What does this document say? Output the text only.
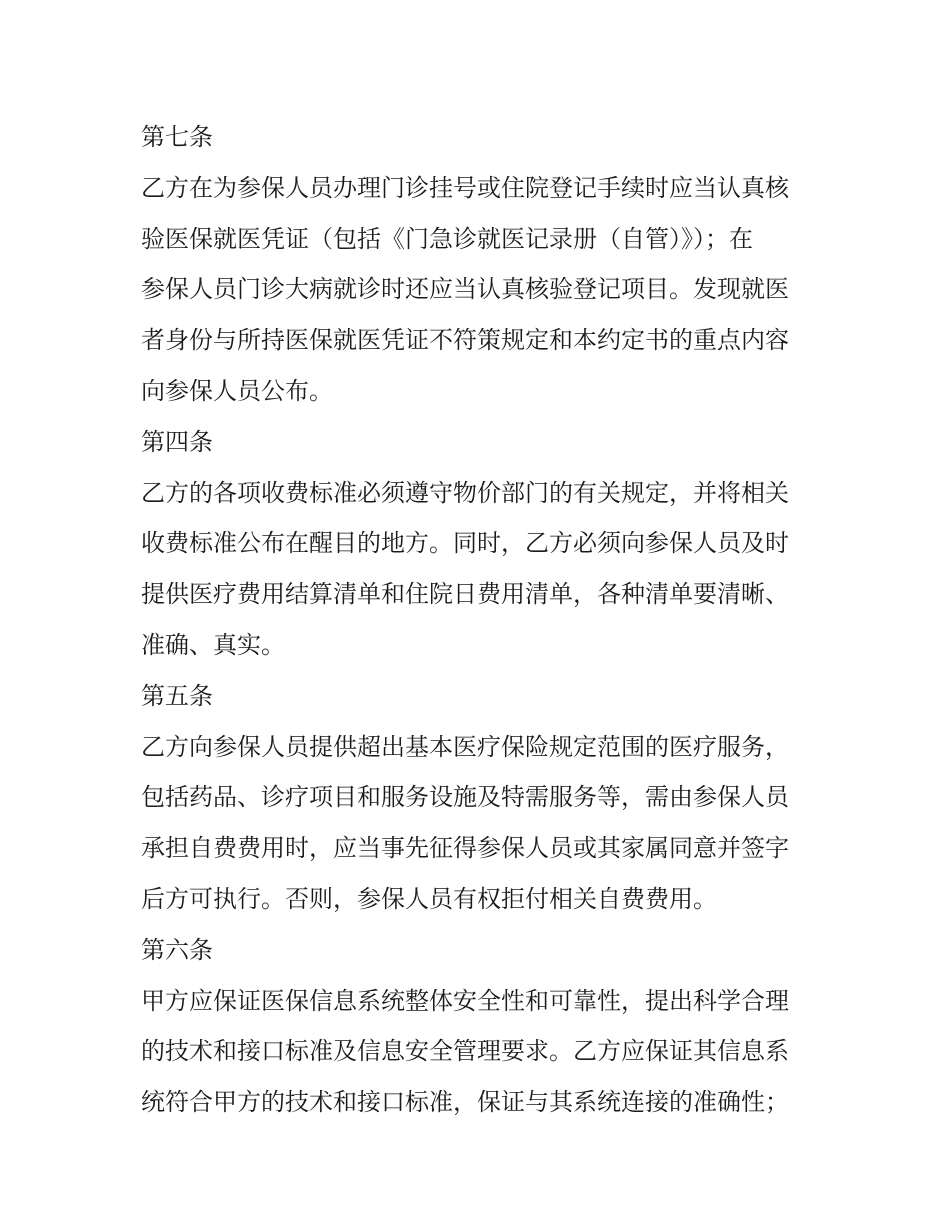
第七条
乙方在为参保人员办理门诊挂号或住院登记手续时应当认真核
验医保就医凭证（包括《门急诊就医记录册（自管）》）；在
参保人员门诊大病就诊时还应当认真核验登记项目。发现就医
者身份与所持医保就医凭证不符策规定和本约定书的重点内容
向参保人员公布。
第四条
乙方的各项收费标准必须遵守物价部门的有关规定，并将相关
收费标准公布在醒目的地方。同时，乙方必须向参保人员及时
提供医疗费用结算清单和住院日费用清单，各种清单要清晰、
准确、真实。
第五条
乙方向参保人员提供超出基本医疗保险规定范围的医疗服务，
包括药品、诊疗项目和服务设施及特需服务等，需由参保人员
承担自费费用时，应当事先征得参保人员或其家属同意并签字
后方可执行。否则，参保人员有权拒付相关自费费用。
第六条
甲方应保证医保信息系统整体安全性和可靠性，提出科学合理
的技术和接口标准及信息安全管理要求。乙方应保证其信息系
统符合甲方的技术和接口标准，保证与其系统连接的准确性；
